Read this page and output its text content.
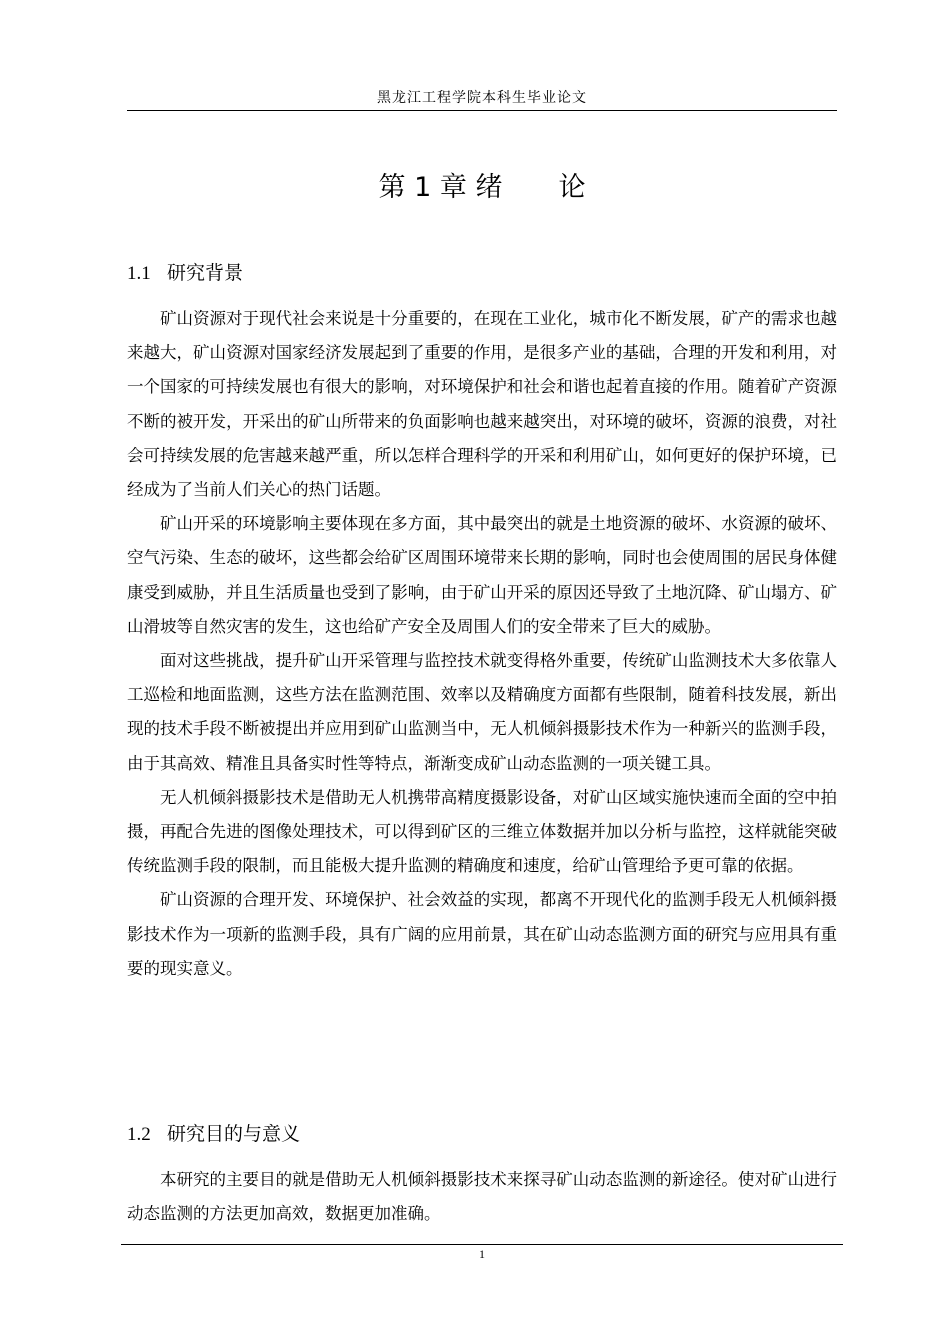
黑龙江工程学院本科生毕业论文
第 1 章 绪 论
1.1 研究背景

矿山资源对于现代社会来说是十分重要的，在现在工业化，城市化不断发展，矿产的需求也越来越大，矿山资源对国家经济发展起到了重要的作用，是很多产业的基础，合理的开发和利用，对一个国家的可持续发展也有很大的影响，对环境保护和社会和谐也起着直接的作用。随着矿产资源不断的被开发，开采出的矿山所带来的负面影响也越来越突出，对环境的破坏，资源的浪费，对社会可持续发展的危害越来越严重，所以怎样合理科学的开采和利用矿山，如何更好的保护环境，已经成为了当前人们关心的热门话题。

矿山开采的环境影响主要体现在多方面，其中最突出的就是土地资源的破坏、水资源的破坏、空气污染、生态的破坏，这些都会给矿区周围环境带来长期的影响，同时也会使周围的居民身体健康受到威胁，并且生活质量也受到了影响，由于矿山开采的原因还导致了土地沉降、矿山塌方、矿山滑坡等自然灾害的发生，这也给矿产安全及周围人们的安全带来了巨大的威胁。

面对这些挑战，提升矿山开采管理与监控技术就变得格外重要，传统矿山监测技术大多依靠人工巡检和地面监测，这些方法在监测范围、效率以及精确度方面都有些限制，随着科技发展，新出现的技术手段不断被提出并应用到矿山监测当中，无人机倾斜摄影技术作为一种新兴的监测手段，由于其高效、精准且具备实时性等特点，渐渐变成矿山动态监测的一项关键工具。

无人机倾斜摄影技术是借助无人机携带高精度摄影设备，对矿山区域实施快速而全面的空中拍摄，再配合先进的图像处理技术，可以得到矿区的三维立体数据并加以分析与监控，这样就能突破传统监测手段的限制，而且能极大提升监测的精确度和速度，给矿山管理给予更可靠的依据。

矿山资源的合理开发、环境保护、社会效益的实现，都离不开现代化的监测手段无人机倾斜摄影技术作为一项新的监测手段，具有广阔的应用前景，其在矿山动态监测方面的研究与应用具有重要的现实意义。

1.2 研究目的与意义

本研究的主要目的就是借助无人机倾斜摄影技术来探寻矿山动态监测的新途径。使对矿山进行动态监测的方法更加高效，数据更加准确。

1
